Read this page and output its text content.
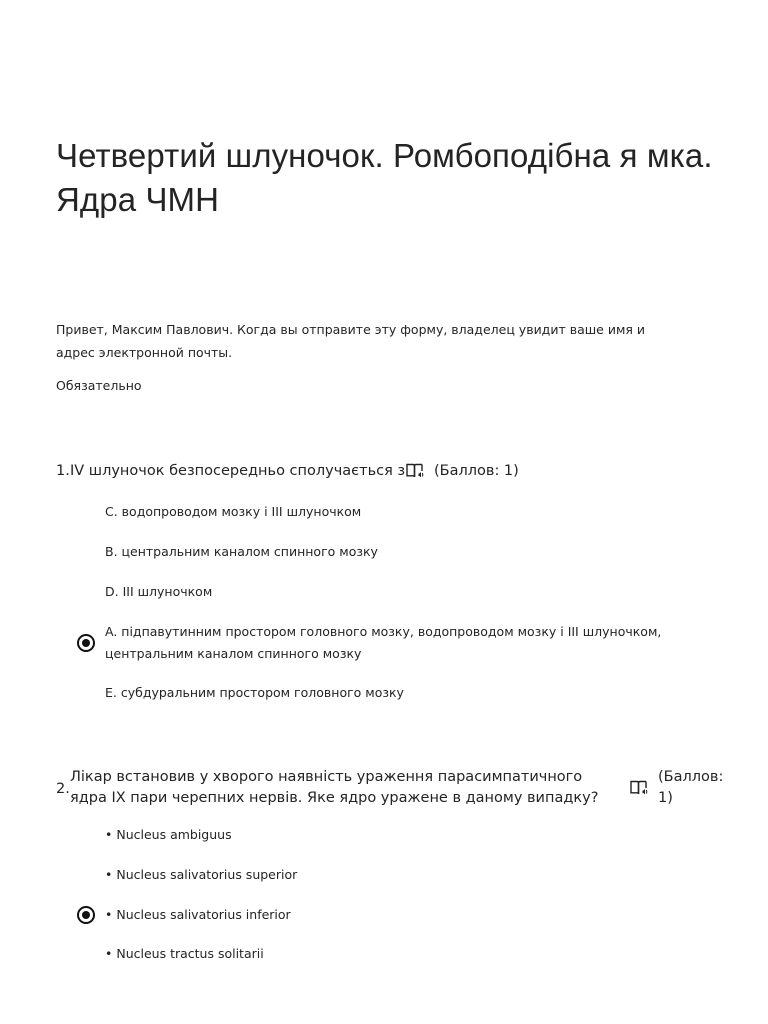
Четвертий шлуночок. Ромбоподібна я мка. Ядра ЧМН
Привет, Максим Павлович. Когда вы отправите эту форму, владелец увидит ваше имя и адрес электронной почты.
Обязательно
1. IV шлуночок безпосередньо сполучається з	(Баллов: 1)
C. водопроводом мозку і III шлуночком
B. центральним каналом спинного мозку
D. III шлуночком
A. підпавутинним простором головного мозку, водопроводом мозку і III шлуночком, центральним каналом спинного мозку
E. субдуральним простором головного мозку
2.
Лікар встановив у хворого наявність ураження парасимпатичного ядра IX пари черепних нервів. Яке ядро уражене в даному випадку?
(Баллов: 1)
• Nucleus ambiguus
• Nucleus salivatorius superior
• Nucleus salivatorius inferior
• Nucleus tractus solitarii
